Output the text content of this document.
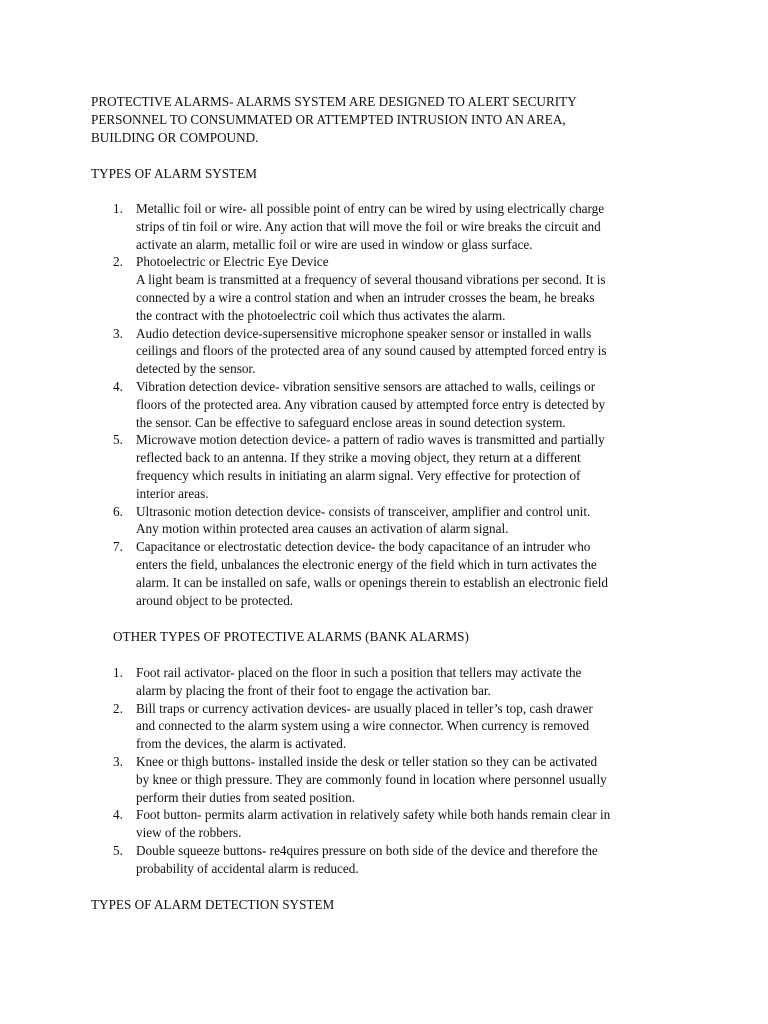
PROTECTIVE ALARMS- ALARMS SYSTEM ARE DESIGNED TO ALERT SECURITY
PERSONNEL TO CONSUMMATED OR ATTEMPTED INTRUSION INTO AN AREA,
BUILDING OR COMPOUND.
TYPES OF ALARM SYSTEM
1. Metallic foil or wire- all possible point of entry can be wired by using electrically charge
strips of tin foil or wire. Any action that will move the foil or wire breaks the circuit and
activate an alarm, metallic foil or wire are used in window or glass surface.
2. Photoelectric or Electric Eye Device
A light beam is transmitted at a frequency of several thousand vibrations per second. It is
connected by a wire a control station and when an intruder crosses the beam, he breaks
the contract with the photoelectric coil which thus activates the alarm.
3. Audio detection device-supersensitive microphone speaker sensor or installed in walls
ceilings and floors of the protected area of any sound caused by attempted forced entry is
detected by the sensor.
4. Vibration detection device- vibration sensitive sensors are attached to walls, ceilings or
floors of the protected area. Any vibration caused by attempted force entry is detected by
the sensor. Can be effective to safeguard enclose areas in sound detection system.
5. Microwave motion detection device- a pattern of radio waves is transmitted and partially
reflected back to an antenna. If they strike a moving object, they return at a different
frequency which results in initiating an alarm signal. Very effective for protection of
interior areas.
6. Ultrasonic motion detection device- consists of transceiver, amplifier and control unit.
Any motion within protected area causes an activation of alarm signal.
7. Capacitance or electrostatic detection device- the body capacitance of an intruder who
enters the field, unbalances the electronic energy of the field which in turn activates the
alarm. It can be installed on safe, walls or openings therein to establish an electronic field
around object to be protected.
OTHER TYPES OF PROTECTIVE ALARMS (BANK ALARMS)
1. Foot rail activator- placed on the floor in such a position that tellers may activate the
alarm by placing the front of their foot to engage the activation bar.
2. Bill traps or currency activation devices- are usually placed in teller’s top, cash drawer
and connected to the alarm system using a wire connector. When currency is removed
from the devices, the alarm is activated.
3. Knee or thigh buttons- installed inside the desk or teller station so they can be activated
by knee or thigh pressure. They are commonly found in location where personnel usually
perform their duties from seated position.
4. Foot button- permits alarm activation in relatively safety while both hands remain clear in
view of the robbers.
5. Double squeeze buttons- re4quires pressure on both side of the device and therefore the
probability of accidental alarm is reduced.
TYPES OF ALARM DETECTION SYSTEM
